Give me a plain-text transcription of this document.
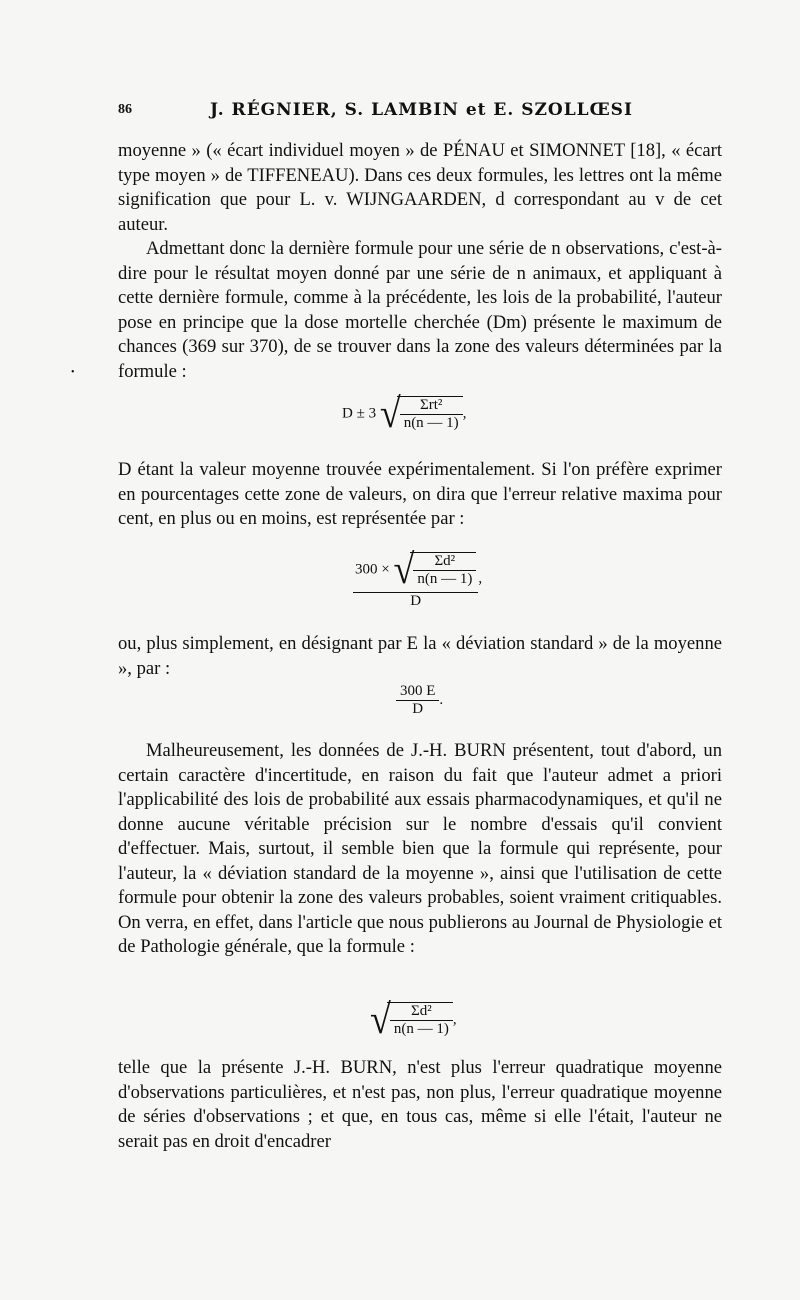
86	J. RÉGNIER, S. LAMBIN et E. SZOLLŒSI
moyenne » (« écart individuel moyen » de PÉNAU et SIMONNET [18], « écart type moyen » de TIFFENEAU). Dans ces deux formules, les lettres ont la même signification que pour L. v. WIJNGAARDEN, d correspondant au v de cet auteur.
Admettant donc la dernière formule pour une série de n observations, c'est-à-dire pour le résultat moyen donné par une série de n animaux, et appliquant à cette dernière formule, comme à la précédente, les lois de la probabilité, l'auteur pose en principe que la dose mortelle cherchée (Dm) présente le maximum de chances (369 sur 370), de se trouver dans la zone des valeurs déterminées par la formule :
•
D ± 3 √ $\frac{\text{Σrt²}}{n(n — 1)}$ ,
D étant la valeur moyenne trouvée expérimentalement. Si l'on préfère exprimer en pourcentages cette zone de valeurs, on dira que l'erreur relative maxima pour cent, en plus ou en moins, est représentée par :
300 × √ $\frac{\text{Σd²}}{n(n — 1)}$
D
,
ou, plus simplement, en désignant par E la « déviation standard » de la moyenne », par :
$\frac{300 E}{D}$ .
Malheureusement, les données de J.-H. BURN présentent, tout d'abord, un certain caractère d'incertitude, en raison du fait que l'auteur admet a priori l'applicabilité des lois de probabilité aux essais pharmacodynamiques, et qu'il ne donne aucune véritable précision sur le nombre d'essais qu'il convient d'effectuer. Mais, surtout, il semble bien que la formule qui représente, pour l'auteur, la « déviation standard de la moyenne », ainsi que l'utilisation de cette formule pour obtenir la zone des valeurs probables, soient vraiment critiquables. On verra, en effet, dans l'article que nous publierons au Journal de Physiologie et de Pathologie générale, que la formule :
√ $\frac{\text{Σd²}}{n(n — 1)}$ ,
telle que la présente J.-H. BURN, n'est plus l'erreur quadratique moyenne d'observations particulières, et n'est pas, non plus, l'erreur quadratique moyenne de séries d'observations ; et que, en tous cas, même si elle l'était, l'auteur ne serait pas en droit d'encadrer
